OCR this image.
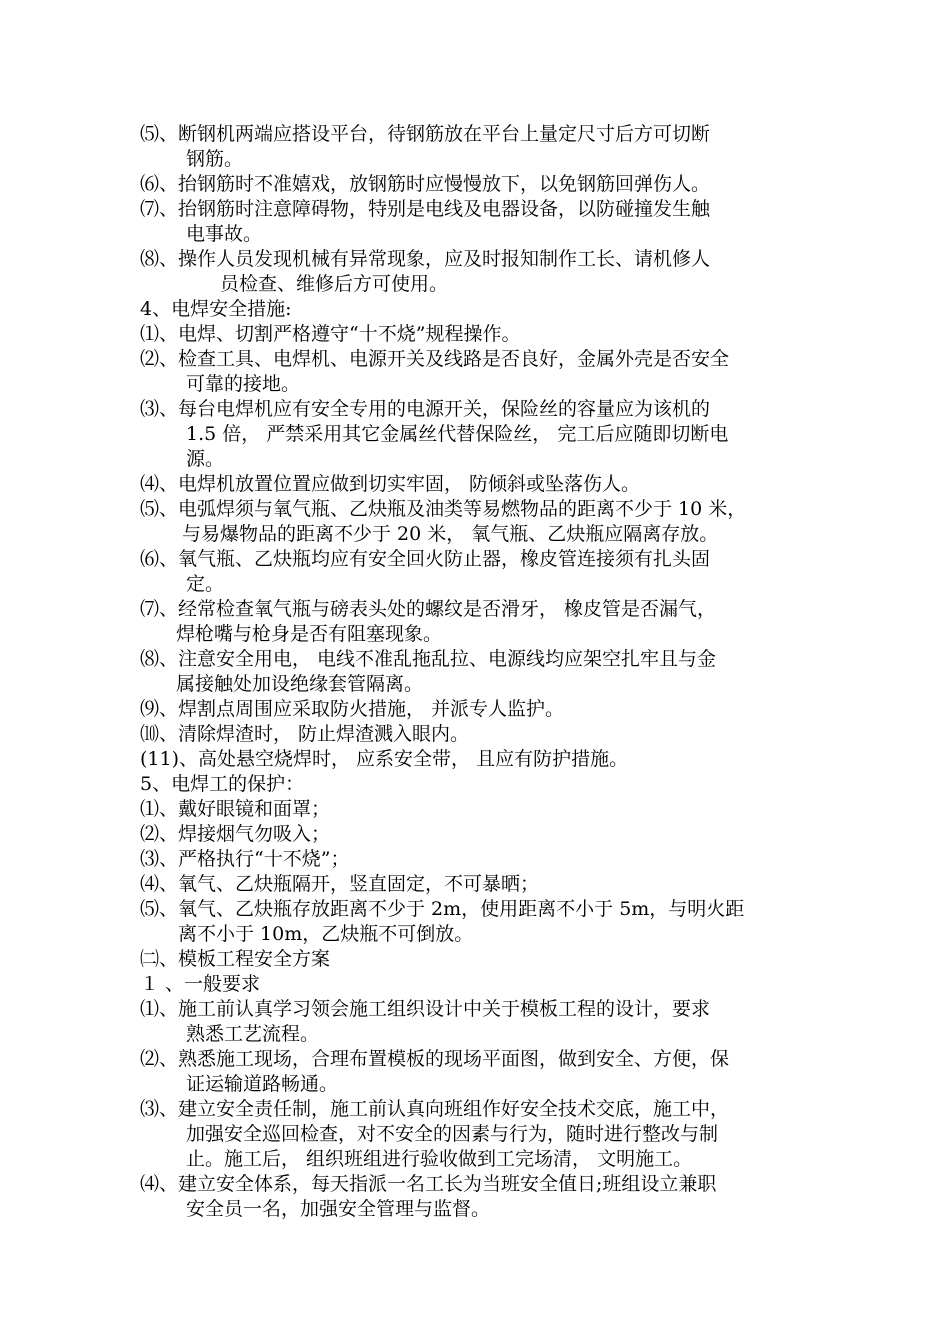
⑸、 断钢机两端应搭设平台，待钢筋放在平台上量定尺寸后方可切断
钢筋。
⑹、 抬钢筋时不准嬉戏，放钢筋时应慢慢放下，以免钢筋回弹伤人。
⑺、 抬钢筋时注意障碍物，特别是电线及电器设备，以防碰撞发生触
电事故。
⑻、 操作人员发现机械有异常现象，应及时报知制作工长、请机修人
员检查、维修后方可使用。
4、电焊安全措施:
⑴、 电焊、切割严格遵守“十不烧”规程操作。
⑵、 检查工具、电焊机、电源开关及线路是否良好，金属外壳是否安全
可靠的接地。
⑶、 每台电焊机应有安全专用的电源开关，保险丝的容量应为该机的
1.5 倍， 严禁采用其它金属丝代替保险丝， 完工后应随即切断电
源。
⑷、 电焊机放置位置应做到切实牢固， 防倾斜或坠落伤人。
⑸、 电弧焊须与氧气瓶、乙炔瓶及油类等易燃物品的距离不少于 10 米，
与易爆物品的距离不少于 20 米， 氧气瓶、乙炔瓶应隔离存放。
⑹、 氧气瓶、乙炔瓶均应有安全回火防止器，橡皮管连接须有扎头固
定。
⑺、 经常检查氧气瓶与磅表头处的螺纹是否滑牙， 橡皮管是否漏气，
焊枪嘴与枪身是否有阻塞现象。
⑻、 注意安全用电， 电线不准乱拖乱拉、电源线均应架空扎牢且与金
属接触处加设绝缘套管隔离。
⑼、 焊割点周围应采取防火措施， 并派专人监护。
⑽、 清除焊渣时， 防止焊渣溅入眼内。
(11)、 高处悬空烧焊时， 应系安全带， 且应有防护措施。
5、电焊工的保护：
⑴、 戴好眼镜和面罩；
⑵、 焊接烟气勿吸入；
⑶、 严格执行“十不烧”；
⑷、 氧气、乙炔瓶隔开，竖直固定，不可暴晒；
⑸、 氧气、乙炔瓶存放距离不少于 2m，使用距离不小于 5m，与明火距
离不小于 10m，乙炔瓶不可倒放。
㈡、模板工程安全方案
１ 、一般要求
⑴、 施工前认真学习领会施工组织设计中关于模板工程的设计，要求
熟悉工艺流程。
⑵、 熟悉施工现场，合理布置模板的现场平面图，做到安全、方便，保
证运输道路畅通。
⑶、 建立安全责任制，施工前认真向班组作好安全技术交底，施工中，
加强安全巡回检查，对不安全的因素与行为，随时进行整改与制
止。施工后， 组织班组进行验收做到工完场清， 文明施工。
⑷、 建立安全体系，每天指派一名工长为当班安全值日;班组设立兼职
安全员一名，加强安全管理与监督。
